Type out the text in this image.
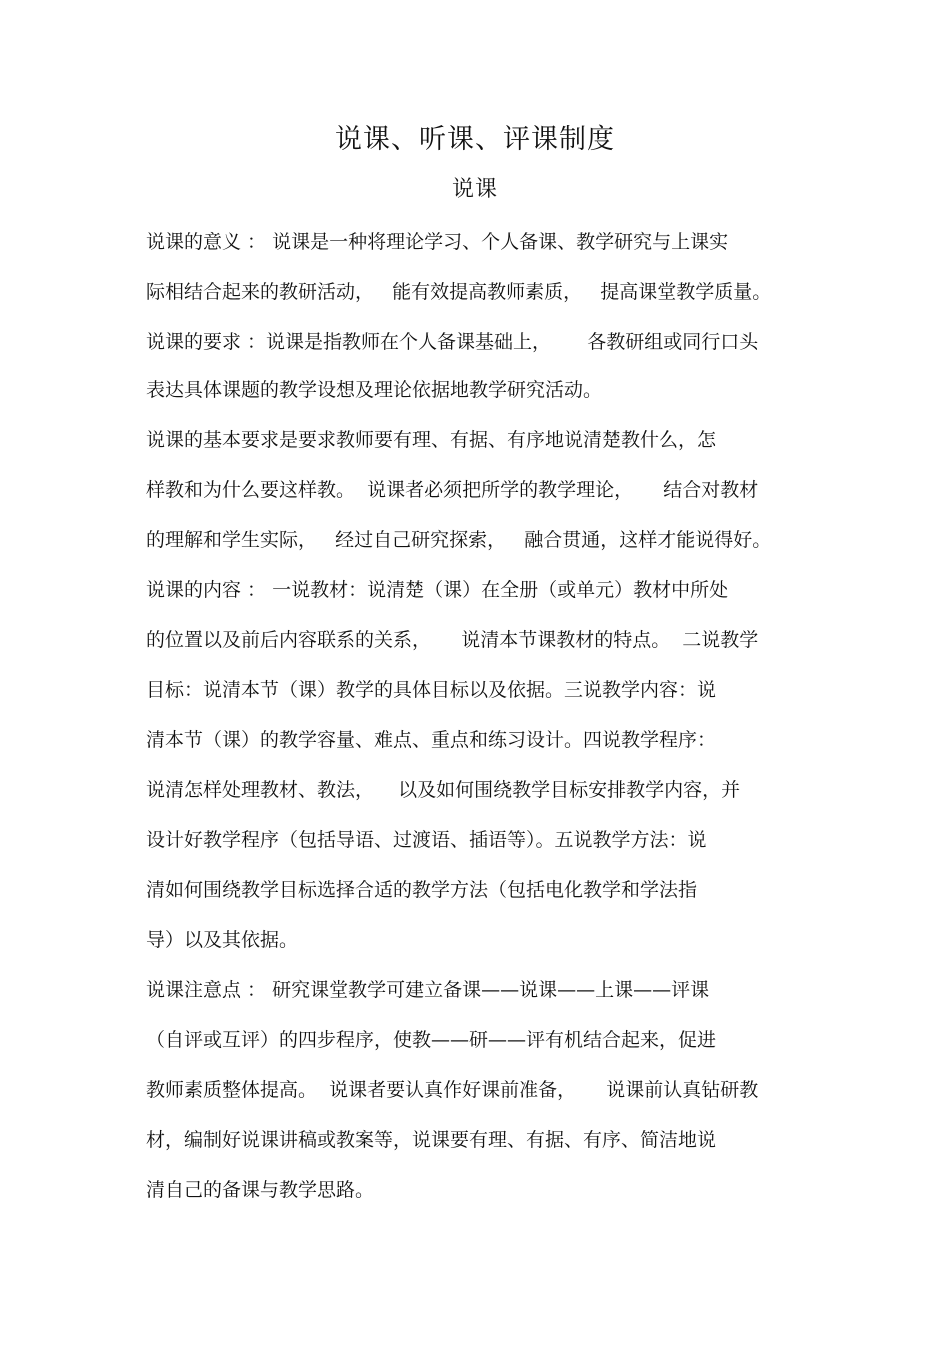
说课、听课、评课制度
说课
说课的意义 ： 说课是一种将理论学习、个人备课、教学研究与上课实
际相结合起来的教研活动，   能有效提高教师素质，   提高课堂教学质量。
说课的要求 ：说课是指教师在个人备课基础上，      各教研组或同行口头
表达具体课题的教学设想及理论依据地教学研究活动。
说课的基本要求是要求教师要有理、有据、有序地说清楚教什么，怎
样教和为什么要这样教。  说课者必须把所学的教学理论，     结合对教材
的理解和学生实际，   经过自己研究探索，   融合贯通，这样才能说得好。
说课的内容 ： 一说教材：说清楚（课）在全册（或单元）教材中所处
的位置以及前后内容联系的关系，     说清本节课教材的特点。  二说教学
目标：说清本节（课）教学的具体目标以及依据。三说教学内容：说
清本节（课）的教学容量、难点、重点和练习设计。四说教学程序：
说清怎样处理教材、教法，    以及如何围绕教学目标安排教学内容，并
设计好教学程序（包括导语、过渡语、插语等）。五说教学方法：说
清如何围绕教学目标选择合适的教学方法（包括电化教学和学法指
导）以及其依据。
说课注意点 ： 研究课堂教学可建立备课——说课——上课——评课
（自评或互评）的四步程序，使教——研——评有机结合起来，促进
教师素质整体提高。  说课者要认真作好课前准备，     说课前认真钻研教
材，编制好说课讲稿或教案等，说课要有理、有据、有序、简洁地说
清自己的备课与教学思路。
